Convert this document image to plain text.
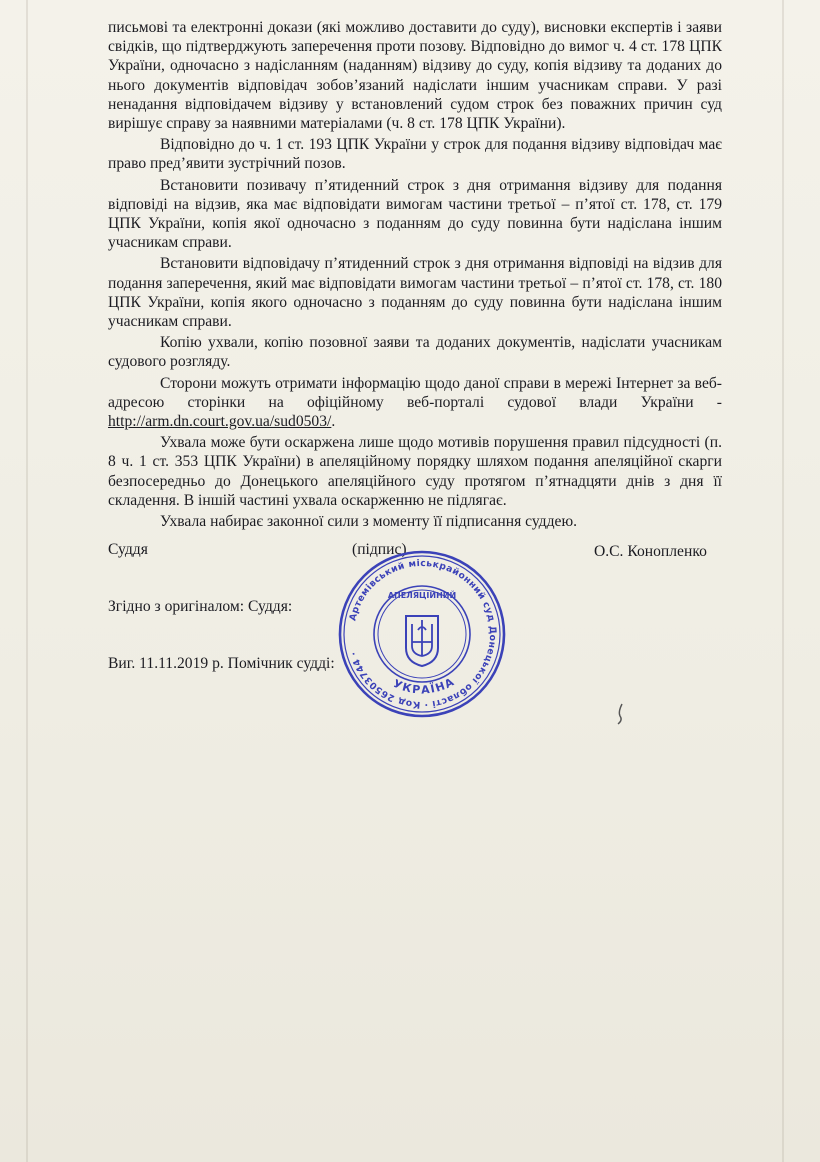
письмові та електронні докази (які можливо доставити до суду), висновки експертів і заяви свідків, що підтверджують заперечення проти позову. Відповідно до вимог ч. 4 ст. 178 ЦПК України, одночасно з надісланням (наданням) відзиву до суду, копія відзиву та доданих до нього документів відповідач зобов’язаний надіслати іншим учасникам справи. У разі ненадання відповідачем відзиву у встановлений судом строк без поважних причин суд вирішує справу за наявними матеріалами (ч. 8 ст. 178 ЦПК України).

Відповідно до ч. 1 ст. 193 ЦПК України у строк для подання відзиву відповідач має право пред’явити зустрічний позов.

Встановити позивачу п’ятиденний строк з дня отримання відзиву для подання відповіді на відзив, яка має відповідати вимогам частини третьої – п’ятої ст. 178, ст. 179 ЦПК України, копія якої одночасно з поданням до суду повинна бути надіслана іншим учасникам справи.

Встановити відповідачу п’ятиденний строк з дня отримання відповіді на відзив для подання заперечення, який має відповідати вимогам частини третьої – п’ятої ст. 178, ст. 180 ЦПК України, копія якого одночасно з поданням до суду повинна бути надіслана іншим учасникам справи.

Копію ухвали, копію позовної заяви та доданих документів, надіслати учасникам судового розгляду.

Сторони можуть отримати інформацію щодо даної справи в мережі Інтернет за веб-адресою сторінки на офіційному веб-порталі судової влади України - http://arm.dn.court.gov.ua/sud0503/.

Ухвала може бути оскаржена лише щодо мотивів порушення правил підсудності (п. 8 ч. 1 ст. 353 ЦПК України) в апеляційному порядку шляхом подання апеляційної скарги безпосередньо до Донецького апеляційного суду протягом п’ятнадцяти днів з дня її складення. В іншій частині ухвала оскарженню не підлягає.

Ухвала набирає законної сили з моменту її підписання суддею.

Суддя	(підпис)	О.С. Конопленко
Згідно з оригіналом: Суддя:
Виг. 11.11.2019 р. Помічник судді:
Артемівський міськрайонний суд Донецької області · Код 26503744 ·
УКРАЇНА
АПЕЛЯЦІЙНИЙ
